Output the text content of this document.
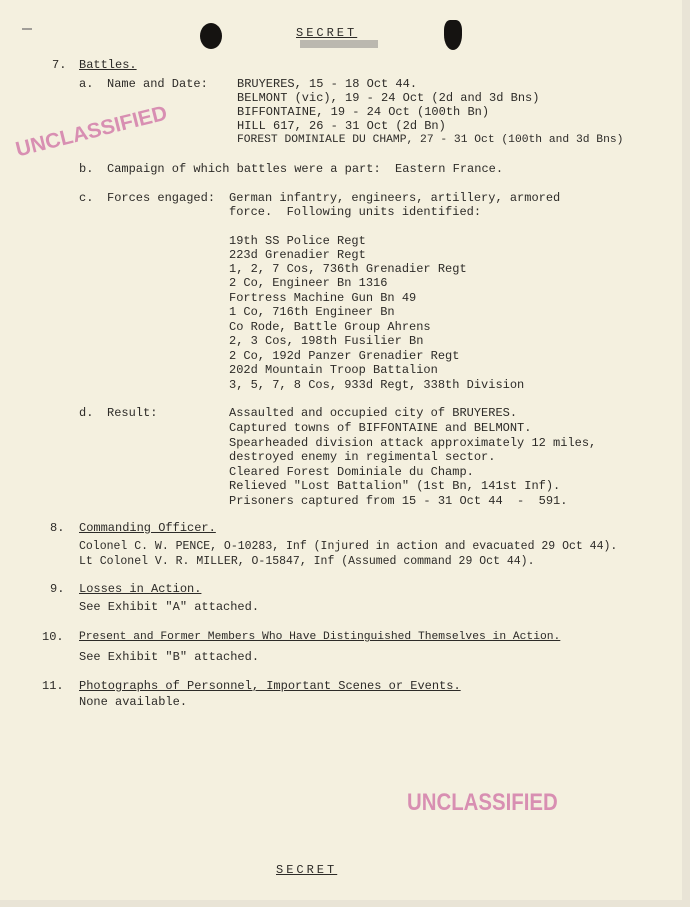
SECRET
UNCLASSIFIED
UNCLASSIFIED
7. Battles.
a. Name and Date: BRUYERES, 15 - 18 Oct 44.
BELMONT (vic), 19 - 24 Oct (2d and 3d Bns)
BIFFONTAINE, 19 - 24 Oct (100th Bn)
HILL 617, 26 - 31 Oct (2d Bn)
FOREST DOMINIALE DU CHAMP, 27 - 31 Oct (100th and 3d Bns)
b. Campaign of which battles were a part:  Eastern France.
c. Forces engaged: German infantry, engineers, artillery, armored
force.  Following units identified:
19th SS Police Regt
223d Grenadier Regt
1, 2, 7 Cos, 736th Grenadier Regt
2 Co, Engineer Bn 1316
Fortress Machine Gun Bn 49
1 Co, 716th Engineer Bn
Co Rode, Battle Group Ahrens
2, 3 Cos, 198th Fusilier Bn
2 Co, 192d Panzer Grenadier Regt
202d Mountain Troop Battalion
3, 5, 7, 8 Cos, 933d Regt, 338th Division
d. Result:	Assaulted and occupied city of BRUYERES.
Captured towns of BIFFONTAINE and BELMONT.
Spearheaded division attack approximately 12 miles,
destroyed enemy in regimental sector.
Cleared Forest Dominiale du Champ.
Relieved "Lost Battalion" (1st Bn, 141st Inf).
Prisoners captured from 15 - 31 Oct 44  -  591.
8. Commanding Officer.
Colonel C. W. PENCE, O-10283, Inf (Injured in action and evacuated 29 Oct 44).
Lt Colonel V. R. MILLER, O-15847, Inf (Assumed command 29 Oct 44).
9. Losses in Action.
See Exhibit "A" attached.
10. Present and Former Members Who Have Distinguished Themselves in Action.
See Exhibit "B" attached.
11. Photographs of Personnel, Important Scenes or Events.
None available.
SECRET
